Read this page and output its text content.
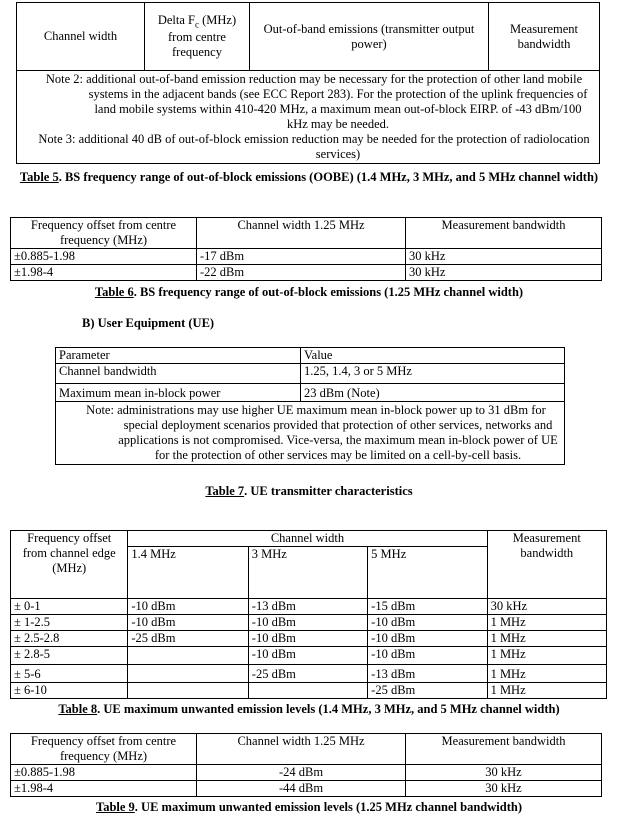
Channel width	Delta $F_c$ (MHz) from centre frequency	Out-of-band emissions (transmitter output power)	Measurement bandwidth

Note 2: additional out-of-band emission reduction may be necessary for the protection of other land mobile systems in the adjacent bands (see ECC Report 283). For the protection of the uplink frequencies of land mobile systems within 410-420 MHz, a maximum mean out-of-block EIRP. of -43 dBm/100 kHz may be needed.
Note 3: additional 40 dB of out-of-block emission reduction may be needed for the protection of radiolocation services)
Table 5. BS frequency range of out-of-block emissions (OOBE) (1.4 MHz, 3 MHz, and 5 MHz channel width)
Frequency offset from centre frequency (MHz)	Channel width 1.25 MHz	Measurement bandwidth
±0.885-1.98	-17 dBm	30 kHz
±1.98-4	-22 dBm	30 kHz
Table 6. BS frequency range of out-of-block emissions (1.25 MHz channel width)
B) User Equipment (UE)
Parameter	Value
Channel bandwidth	1.25, 1.4, 3 or 5 MHz
Maximum mean in-block power	23 dBm (Note)

Note: administrations may use higher UE maximum mean in-block power up to 31 dBm for special deployment scenarios provided that protection of other services, networks and applications is not compromised. Vice-versa, the maximum mean in-block power of UE for the protection of other services may be limited on a cell-by-cell basis.	
Table 7. UE transmitter characteristics
Frequency offset from channel edge (MHz)	Channel width			Measurement bandwidth
	1.4 MHz	3 MHz	5 MHz	
± 0-1	-10 dBm	-13 dBm	-15 dBm	30 kHz
± 1-2.5	-10 dBm	-10 dBm	-10 dBm	1 MHz
± 2.5-2.8	-25 dBm	-10 dBm	-10 dBm	1 MHz
± 2.8-5		-10 dBm	-10 dBm	1 MHz
± 5-6		-25 dBm	-13 dBm	1 MHz
± 6-10			-25 dBm	1 MHz
Table 8. UE maximum unwanted emission levels (1.4 MHz, 3 MHz, and 5 MHz channel width)
Frequency offset from centre frequency (MHz)	Channel width 1.25 MHz	Measurement bandwidth
±0.885-1.98	-24 dBm	30 kHz
±1.98-4	-44 dBm	30 kHz
Table 9. UE maximum unwanted emission levels (1.25 MHz channel bandwidth)
